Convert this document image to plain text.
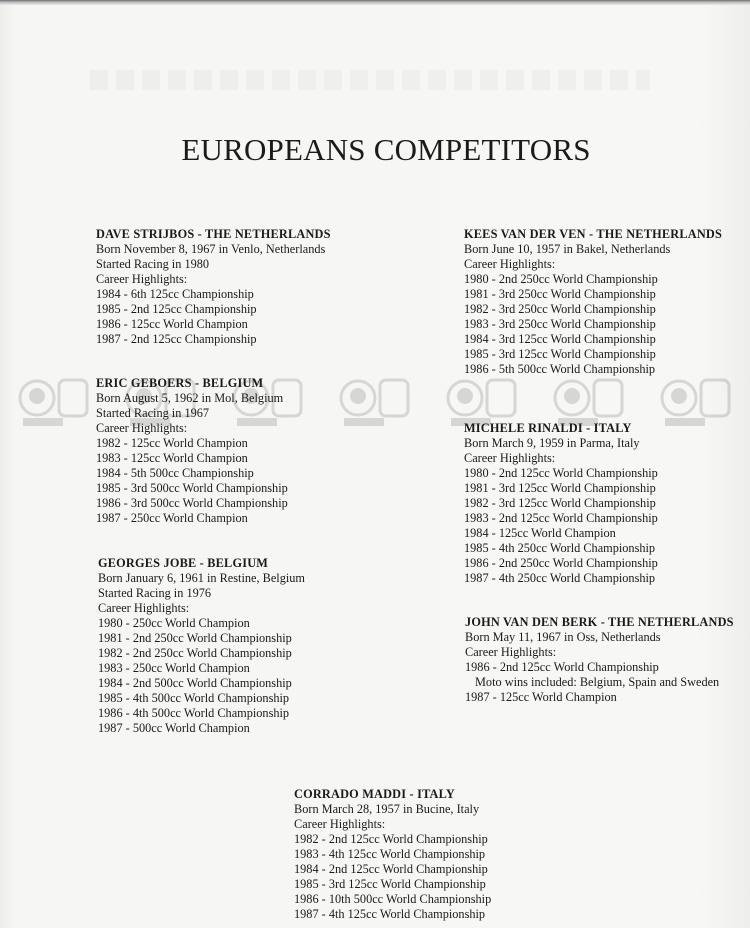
EUROPEANS COMPETITORS
DAVE STRIJBOS - THE NETHERLANDS
Born November 8, 1967 in Venlo, Netherlands
Started Racing in 1980
Career Highlights:
1984 - 6th 125cc Championship
1985 - 2nd 125cc Championship
1986 - 125cc World Champion
1987 - 2nd 125cc Championship
ERIC GEBOERS - BELGIUM
Born August 5, 1962 in Mol, Belgium
Started Racing in 1967
Career Highlights:
1982 - 125cc World Champion
1983 - 125cc World Champion
1984 - 5th 500cc Championship
1985 - 3rd 500cc World Championship
1986 - 3rd 500cc World Championship
1987 - 250cc World Champion
GEORGES JOBE - BELGIUM
Born January 6, 1961 in Restine, Belgium
Started Racing in 1976
Career Highlights:
1980 - 250cc World Champion
1981 - 2nd 250cc World Championship
1982 - 2nd 250cc World Championship
1983 - 250cc World Champion
1984 - 2nd 500cc World Championship
1985 - 4th 500cc World Championship
1986 - 4th 500cc World Championship
1987 - 500cc World Champion
KEES VAN DER VEN - THE NETHERLANDS
Born June 10, 1957 in Bakel, Netherlands
Career Highlights:
1980 - 2nd 250cc World Championship
1981 - 3rd 250cc World Championship
1982 - 3rd 250cc World Championship
1983 - 3rd 250cc World Championship
1984 - 3rd 125cc World Championship
1985 - 3rd 125cc World Championship
1986 - 5th 500cc World Championship
MICHELE RINALDI - ITALY
Born March 9, 1959 in Parma, Italy
Career Highlights:
1980 - 2nd 125cc World Championship
1981 - 3rd 125cc World Championship
1982 - 3rd 125cc World Championship
1983 - 2nd 125cc World Championship
1984 - 125cc World Champion
1985 - 4th 250cc World Championship
1986 - 2nd 250cc World Championship
1987 - 4th 250cc World Championship
JOHN VAN DEN BERK - THE NETHERLANDS
Born May 11, 1967 in Oss, Netherlands
Career Highlights:
1986 - 2nd 125cc World Championship
Moto wins included: Belgium, Spain and Sweden
1987 - 125cc World Champion
CORRADO MADDI - ITALY
Born March 28, 1957 in Bucine, Italy
Career Highlights:
1982 - 2nd 125cc World Championship
1983 - 4th 125cc World Championship
1984 - 2nd 125cc World Championship
1985 - 3rd 125cc World Championship
1986 - 10th 500cc World Championship
1987 - 4th 125cc World Championship
